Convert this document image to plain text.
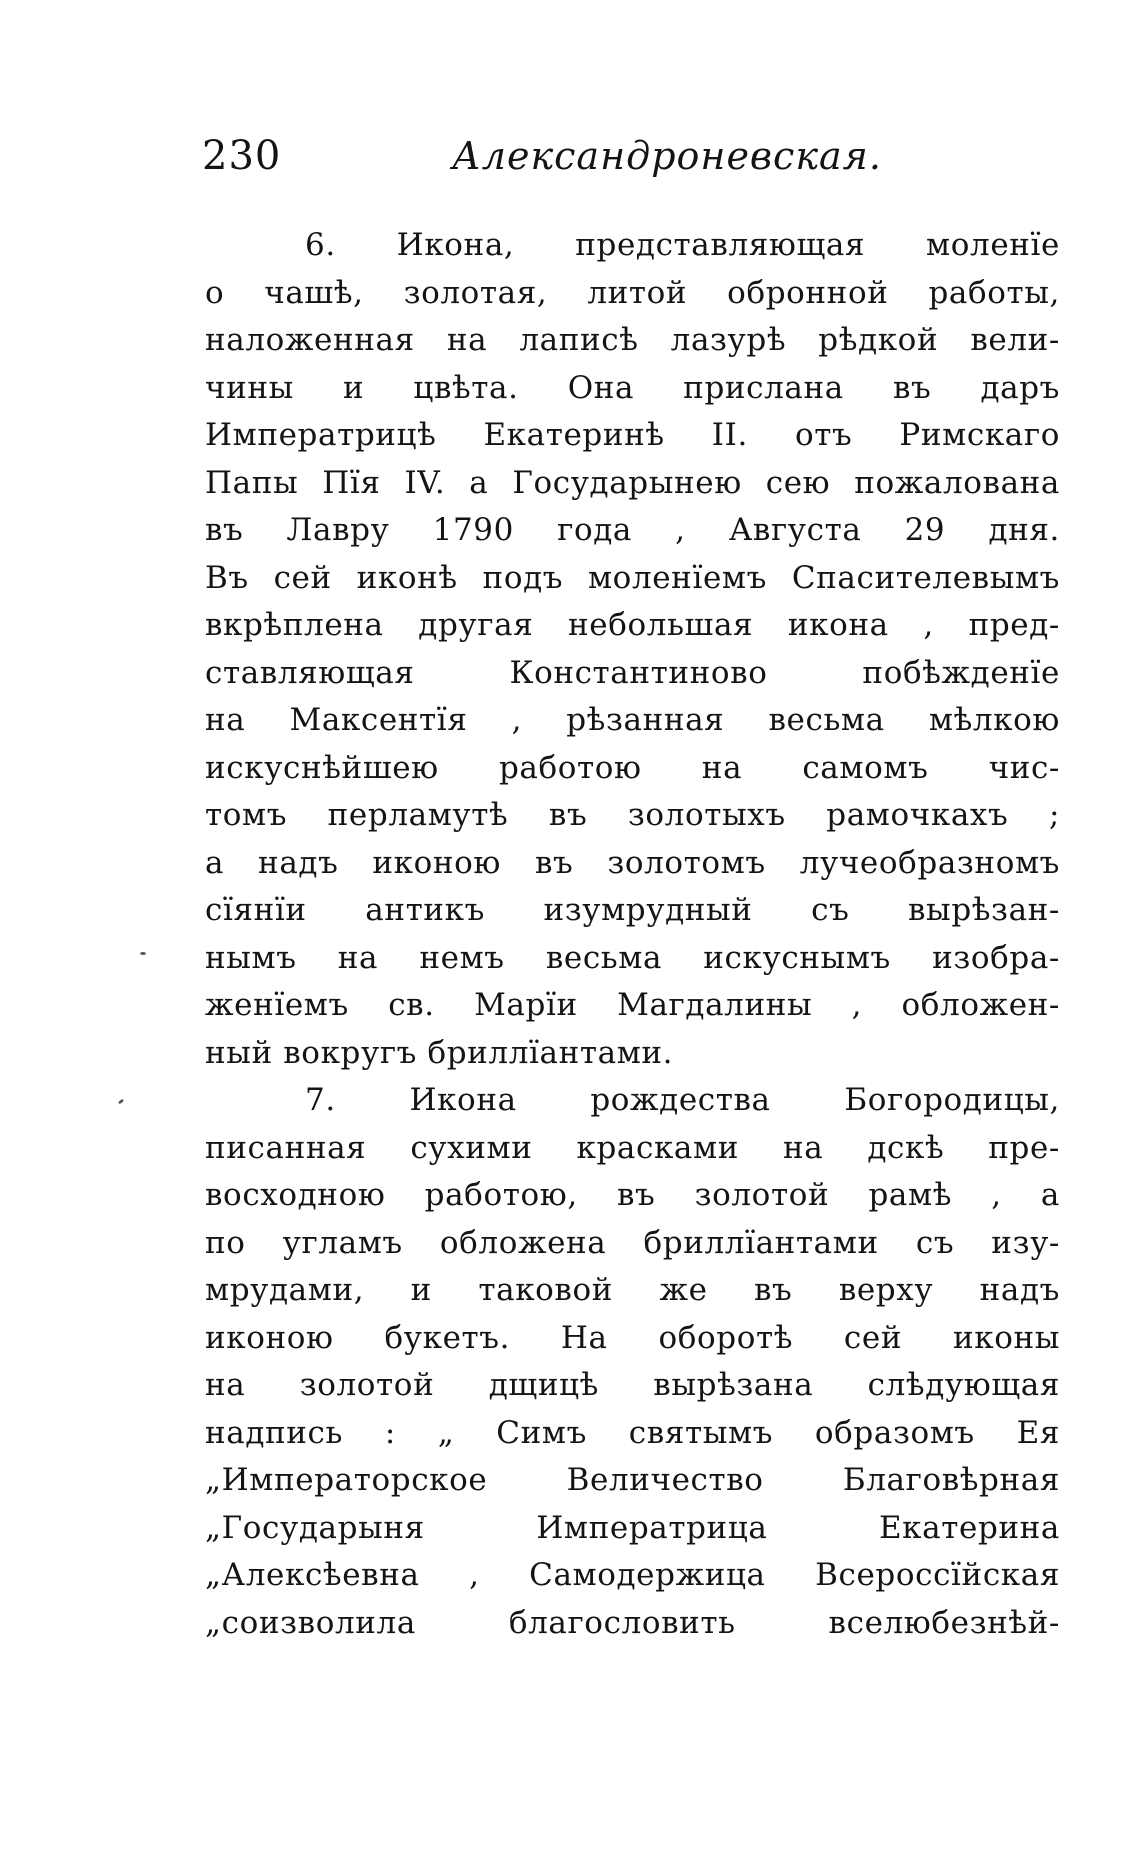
230	Александроневская.
6. Икона, представляющая моленїе
о чашѣ, золотая, литой обронной работы,
наложенная на лаписѣ лазурѣ рѣдкой вели-
чины и цвѣта. Она прислана въ даръ
Императрицѣ Екатеринѣ II. отъ Римскаго
Папы Пїя IV. а Государынею сею пожалована
въ Лавру 1790 года , Августа 29 дня.
Въ сей иконѣ подъ моленїемъ Спасителевымъ
вкрѣплена другая небольшая икона , пред-
ставляющая Константиново побѣжденїе
на Максентїя , рѣзанная весьма мѣлкою
искуснѣйшею работою на самомъ чис-
томъ перламутѣ въ золотыхъ рамочкахъ ;
а надъ иконою въ золотомъ лучеобразномъ
сїянїи антикъ изумрудный съ вырѣзан-
нымъ на немъ весьма искуснымъ изобра-
женїемъ св. Марїи Магдалины , обложен-
ный вокругъ бриллїантами.
7. Икона рождества Богородицы,
писанная сухими красками на дскѣ пре-
восходною работою, въ золотой рамѣ , а
по угламъ обложена бриллїантами съ изу-
мрудами, и таковой же въ верху надъ
иконою букетъ. На оборотѣ сей иконы
на золотой дщицѣ вырѣзана слѣдующая
надпись : „ Симъ святымъ образомъ Ея
„Императорское Величество Благовѣрная
„Государыня Императрица Екатерина
„Алексѣевна , Самодержица Всероссїйская
„соизволила благословить вселюбезнѣй-
